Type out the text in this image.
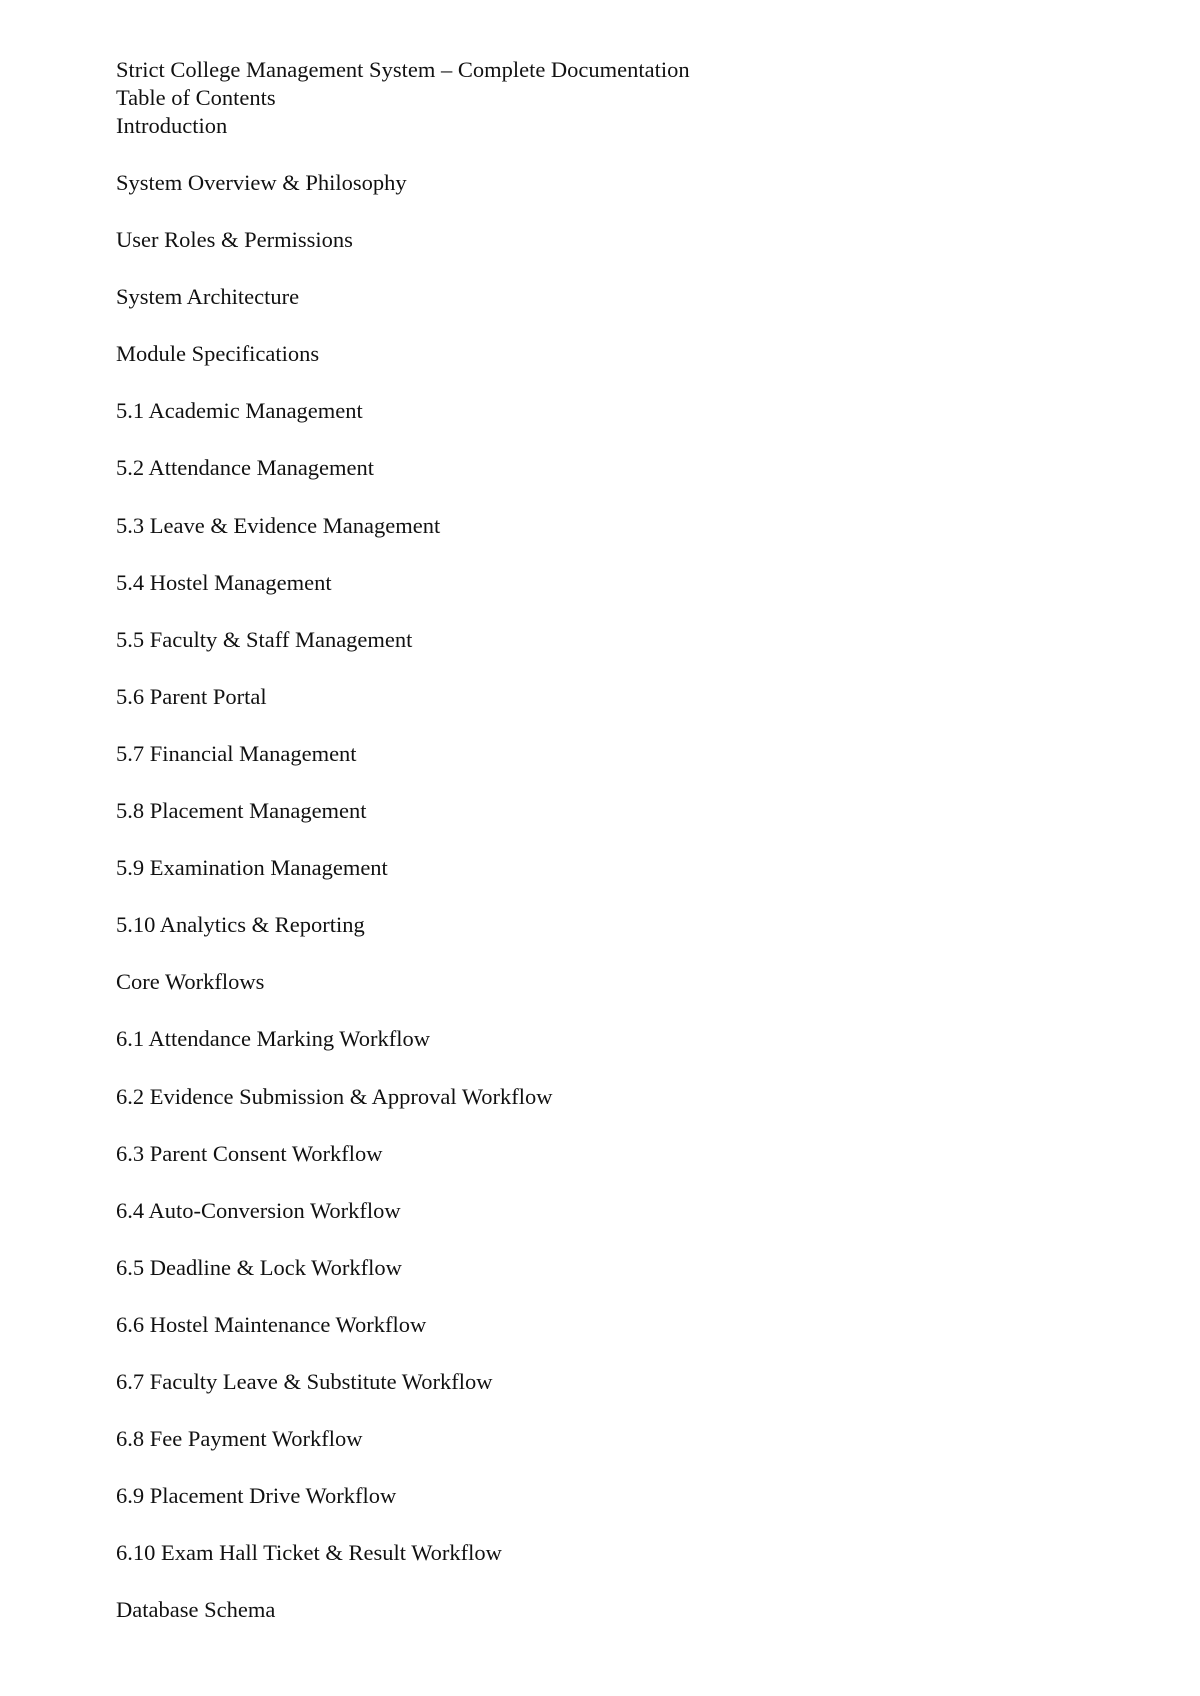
Strict College Management System – Complete Documentation
Table of Contents
Introduction
System Overview & Philosophy
User Roles & Permissions
System Architecture
Module Specifications
5.1 Academic Management
5.2 Attendance Management
5.3 Leave & Evidence Management
5.4 Hostel Management
5.5 Faculty & Staff Management
5.6 Parent Portal
5.7 Financial Management
5.8 Placement Management
5.9 Examination Management
5.10 Analytics & Reporting
Core Workflows
6.1 Attendance Marking Workflow
6.2 Evidence Submission & Approval Workflow
6.3 Parent Consent Workflow
6.4 Auto-Conversion Workflow
6.5 Deadline & Lock Workflow
6.6 Hostel Maintenance Workflow
6.7 Faculty Leave & Substitute Workflow
6.8 Fee Payment Workflow
6.9 Placement Drive Workflow
6.10 Exam Hall Ticket & Result Workflow
Database Schema
